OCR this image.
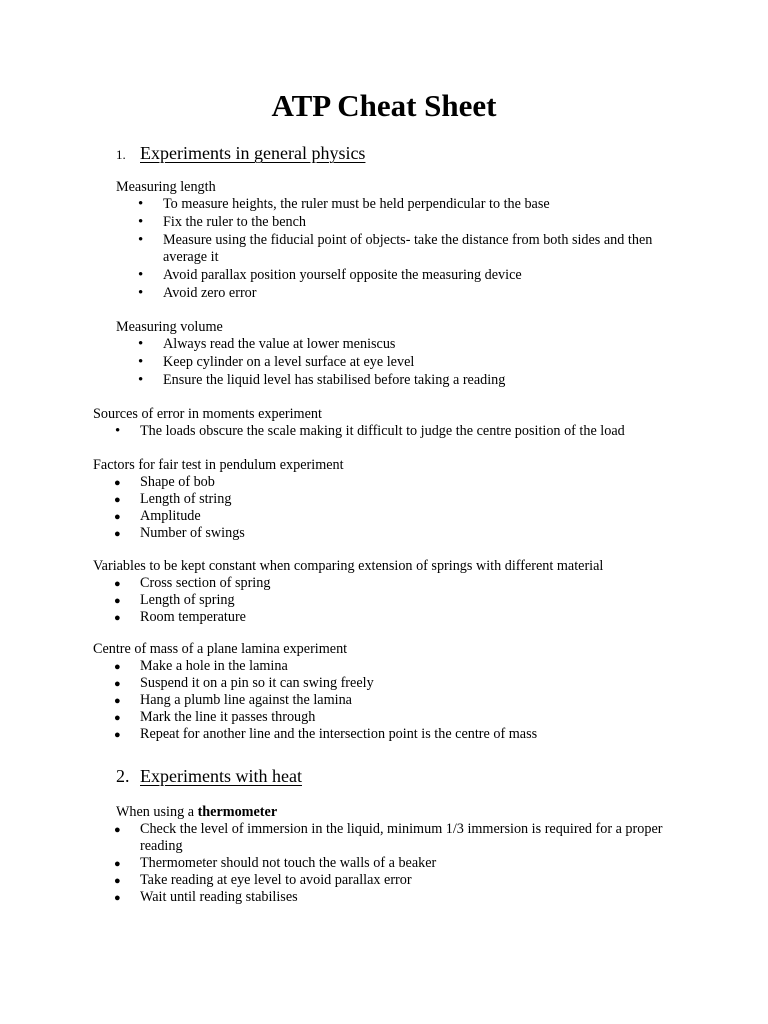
ATP Cheat Sheet
1. Experiments in general physics

Measuring length

• To measure heights, the ruler must be held perpendicular to the base
• Fix the ruler to the bench
• Measure using the fiducial point of objects- take the distance from both sides and then average it
• Avoid parallax position yourself opposite the measuring device
• Avoid zero error

Measuring volume

• Always read the value at lower meniscus
• Keep cylinder on a level surface at eye level
• Ensure the liquid level has stabilised before taking a reading

Sources of error in moments experiment

• The loads obscure the scale making it difficult to judge the centre position of the load

Factors for fair test in pendulum experiment

● Shape of bob
● Length of string
● Amplitude
● Number of swings

Variables to be kept constant when comparing extension of springs with different material

● Cross section of spring
● Length of spring
● Room temperature

Centre of mass of a plane lamina experiment

● Make a hole in the lamina
● Suspend it on a pin so it can swing freely
● Hang a plumb line against the lamina
● Mark the line it passes through
● Repeat for another line and the intersection point is the centre of mass
2. Experiments with heat

When using a thermometer

● Check the level of immersion in the liquid, minimum 1/3 immersion is required for a proper reading
● Thermometer should not touch the walls of a beaker
● Take reading at eye level to avoid parallax error
● Wait until reading stabilises
